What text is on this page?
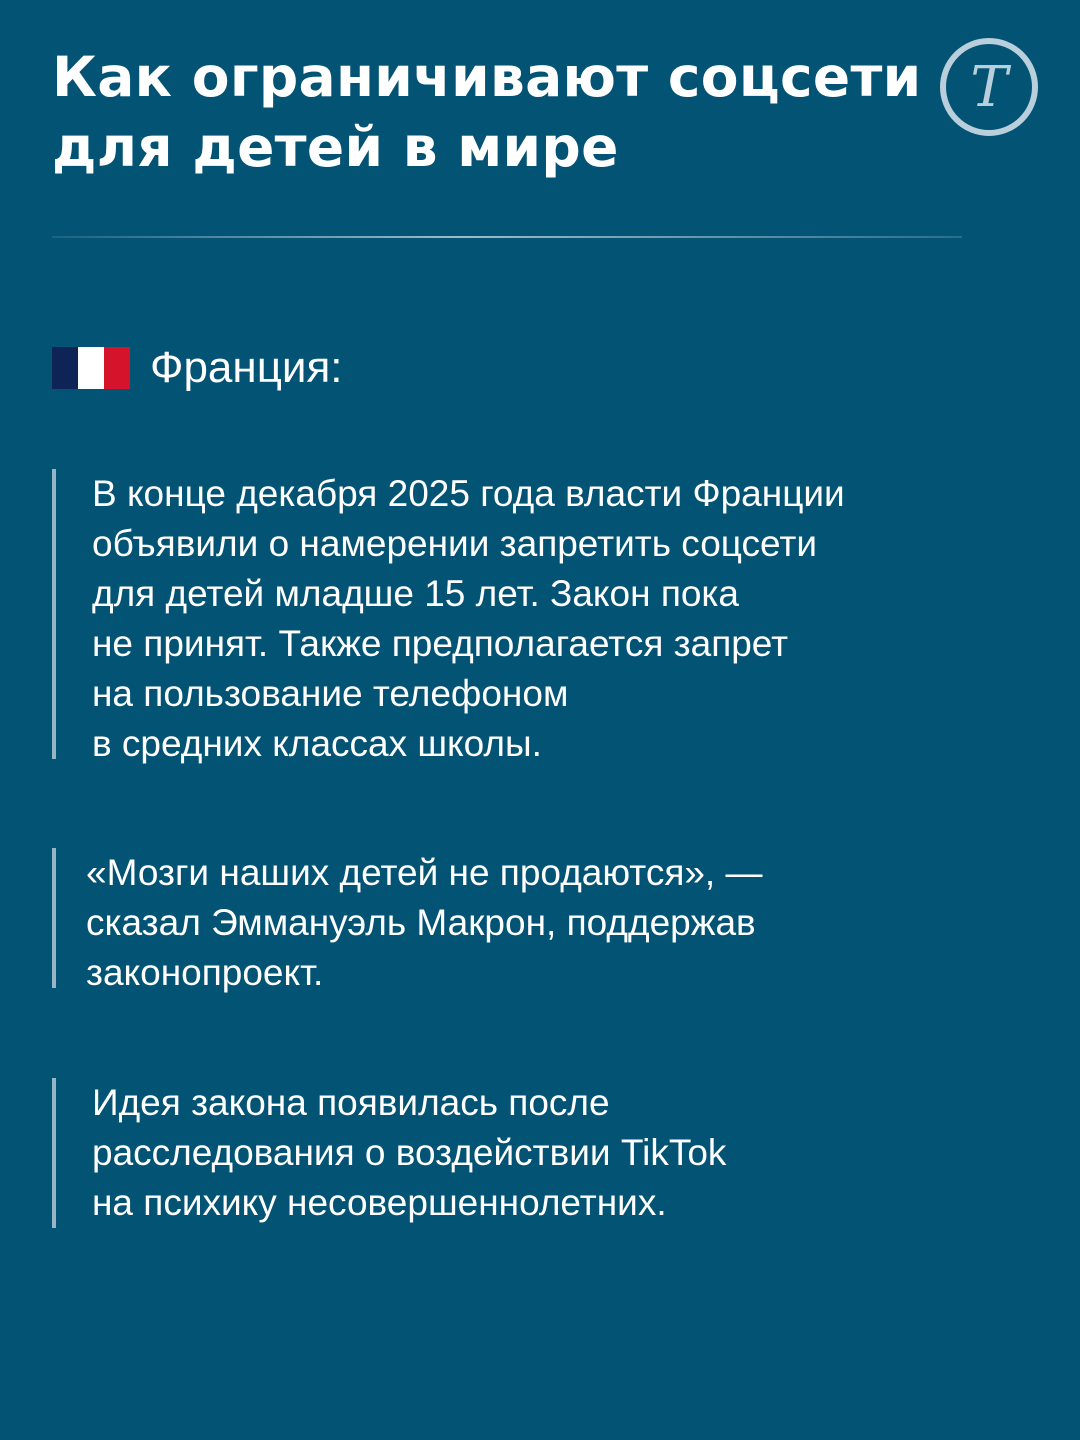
Как ограничивают соцсети
для детей в мире
Т
Франция:

В конце декабря 2025 года власти Франции
объявили о намерении запретить соцсети
для детей младше 15 лет. Закон пока
не принят. Также предполагается запрет
на пользование телефоном
в средних классах школы.

«Мозги наших детей не продаются», —
сказал Эммануэль Макрон, поддержав
законопроект.

Идея закона появилась после
расследования о воздействии TikTok
на психику несовершеннолетних.
